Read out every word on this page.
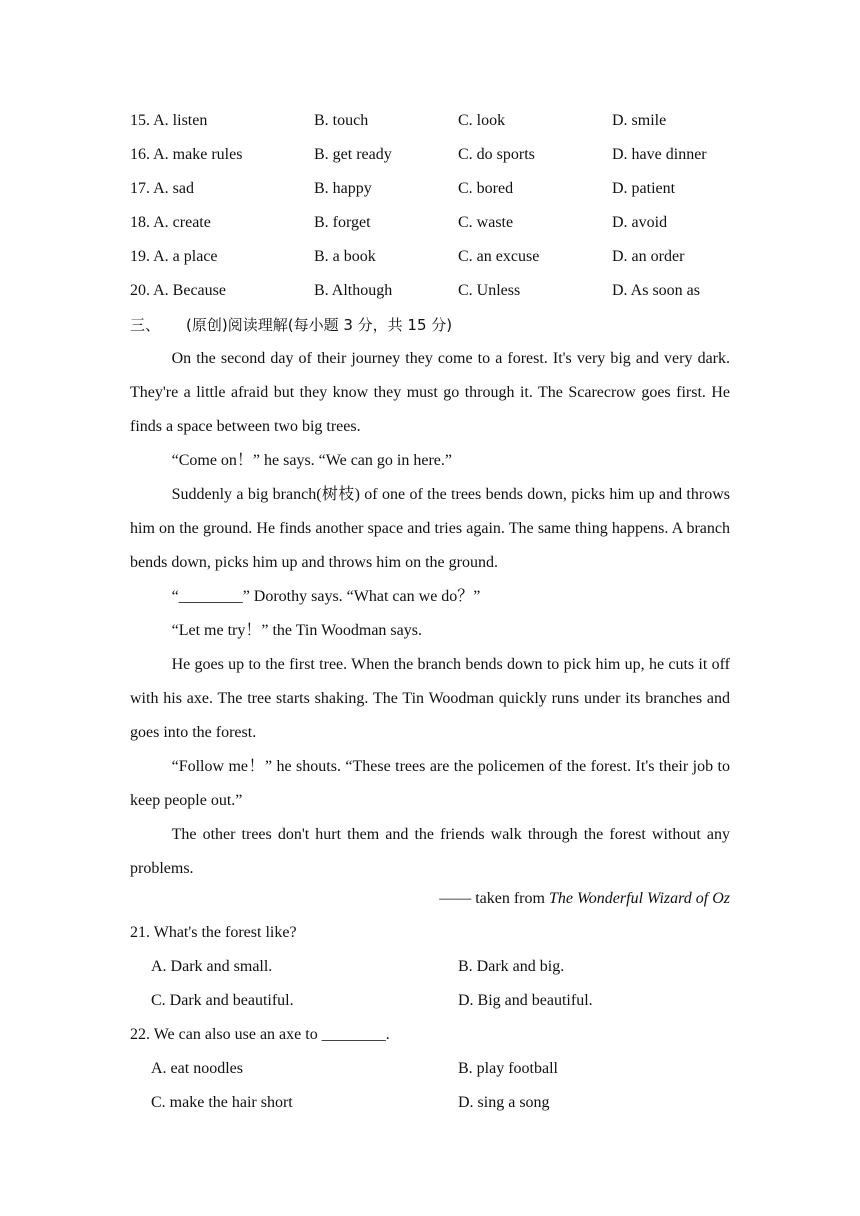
15. A. listen	B. touch	C. look	D. smile
16. A. make rules	B. get ready	C. do sports	D. have dinner
17. A. sad	B. happy	C. bored	D. patient
18. A. create	B. forget	C. waste	D. avoid
19. A. a place	B. a book	C. an excuse	D. an order
20. A. Because	B. Although	C. Unless	D. As soon as
三、 (原创)阅读理解(每小题 3 分，共 15 分)

On the second day of their journey they come to a forest. It's very big and very dark. They're a little afraid but they know they must go through it. The Scarecrow goes first. He finds a space between two big trees.

“Come on！” he says. “We can go in here.”

Suddenly a big branch(树枝) of one of the trees bends down, picks him up and throws him on the ground. He finds another space and tries again. The same thing happens. A branch bends down, picks him up and throws him on the ground.

“________” Dorothy says. “What can we do？”

“Let me try！” the Tin Woodman says.

He goes up to the first tree. When the branch bends down to pick him up, he cuts it off with his axe. The tree starts shaking. The Tin Woodman quickly runs under its branches and goes into the forest.

“Follow me！” he shouts. “These trees are the policemen of the forest. It's their job to keep people out.”

The other trees don't hurt them and the friends walk through the forest without any problems.

—— taken from The Wonderful Wizard of Oz
21. What's the forest like?
A. Dark and small.	B. Dark and big.
C. Dark and beautiful.	D. Big and beautiful.
22. We can also use an axe to ________.
A. eat noodles	B. play football
C. make the hair short	D. sing a song
